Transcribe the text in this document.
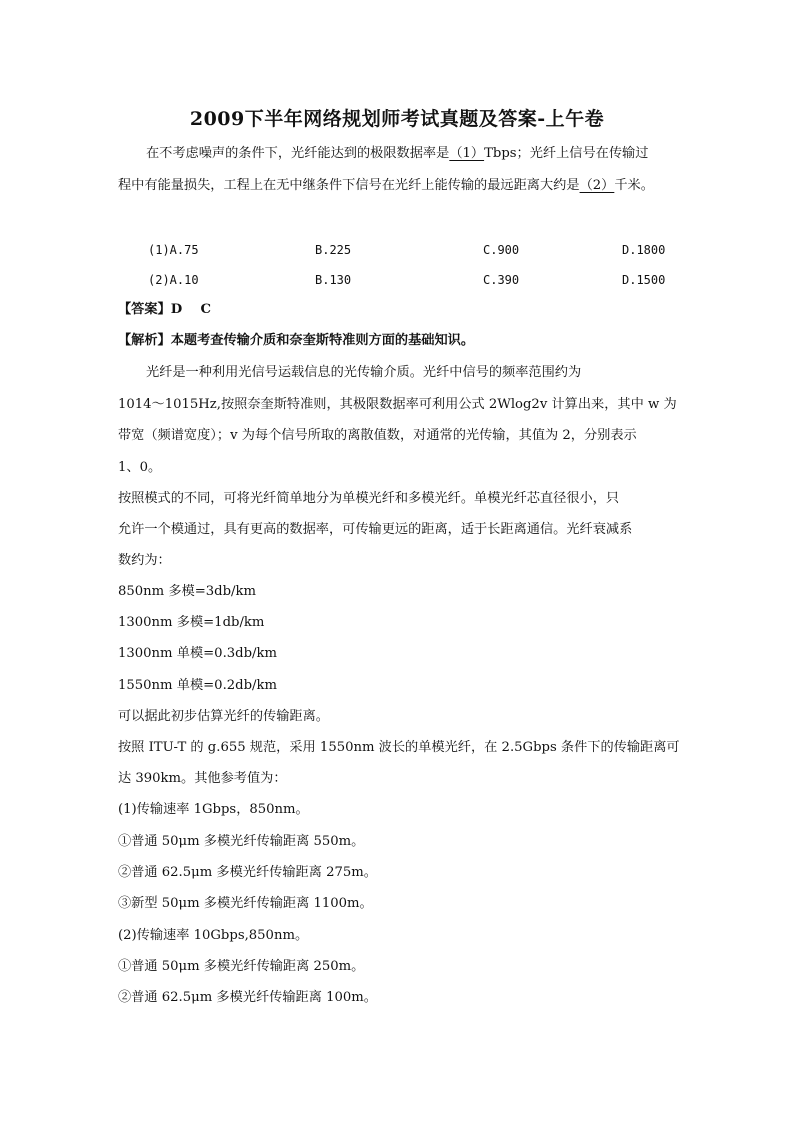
2009下半年网络规划师考试真题及答案-上午卷
在不考虑噪声的条件下，光纤能达到的极限数据率是（1）Tbps；光纤上信号在传输过
程中有能量损失，工程上在无中继条件下信号在光纤上能传输的最远距离大约是（2）千米。
(1)A.75	B.225	C.900	D.1800
(2)A.10	B.130	C.390	D.1500
【答案】D    C
【解析】本题考查传输介质和奈奎斯特准则方面的基础知识。
光纤是一种利用光信号运载信息的光传输介质。光纤中信号的频率范围约为
1014～1015Hz,按照奈奎斯特准则，其极限数据率可利用公式 2Wlog2v 计算出来，其中 w 为
带宽（频谱宽度）；v 为每个信号所取的离散值数，对通常的光传输，其值为 2，分别表示
1、0。
按照模式的不同，可将光纤简单地分为单模光纤和多模光纤。单模光纤芯直径很小，只
允许一个模通过，具有更高的数据率，可传输更远的距离，适于长距离通信。光纤衰减系
数约为：
850nm 多模=3db/km
1300nm 多模=1db/km
1300nm 单模=0.3db/km
1550nm 单模=0.2db/km
可以据此初步估算光纤的传输距离。
按照 ITU-T 的 g.655 规范，采用 1550nm 波长的单模光纤，在 2.5Gbps 条件下的传输距离可
达 390km。其他参考值为：
(1)传输速率 1Gbps，850nm。
①普通 50μm 多模光纤传输距离 550m。
②普通 62.5μm 多模光纤传输距离 275m。
③新型 50μm 多模光纤传输距离 1100m。
(2)传输速率 10Gbps,850nm。
①普通 50μm 多模光纤传输距离 250m。
②普通 62.5μm 多模光纤传输距离 100m。
